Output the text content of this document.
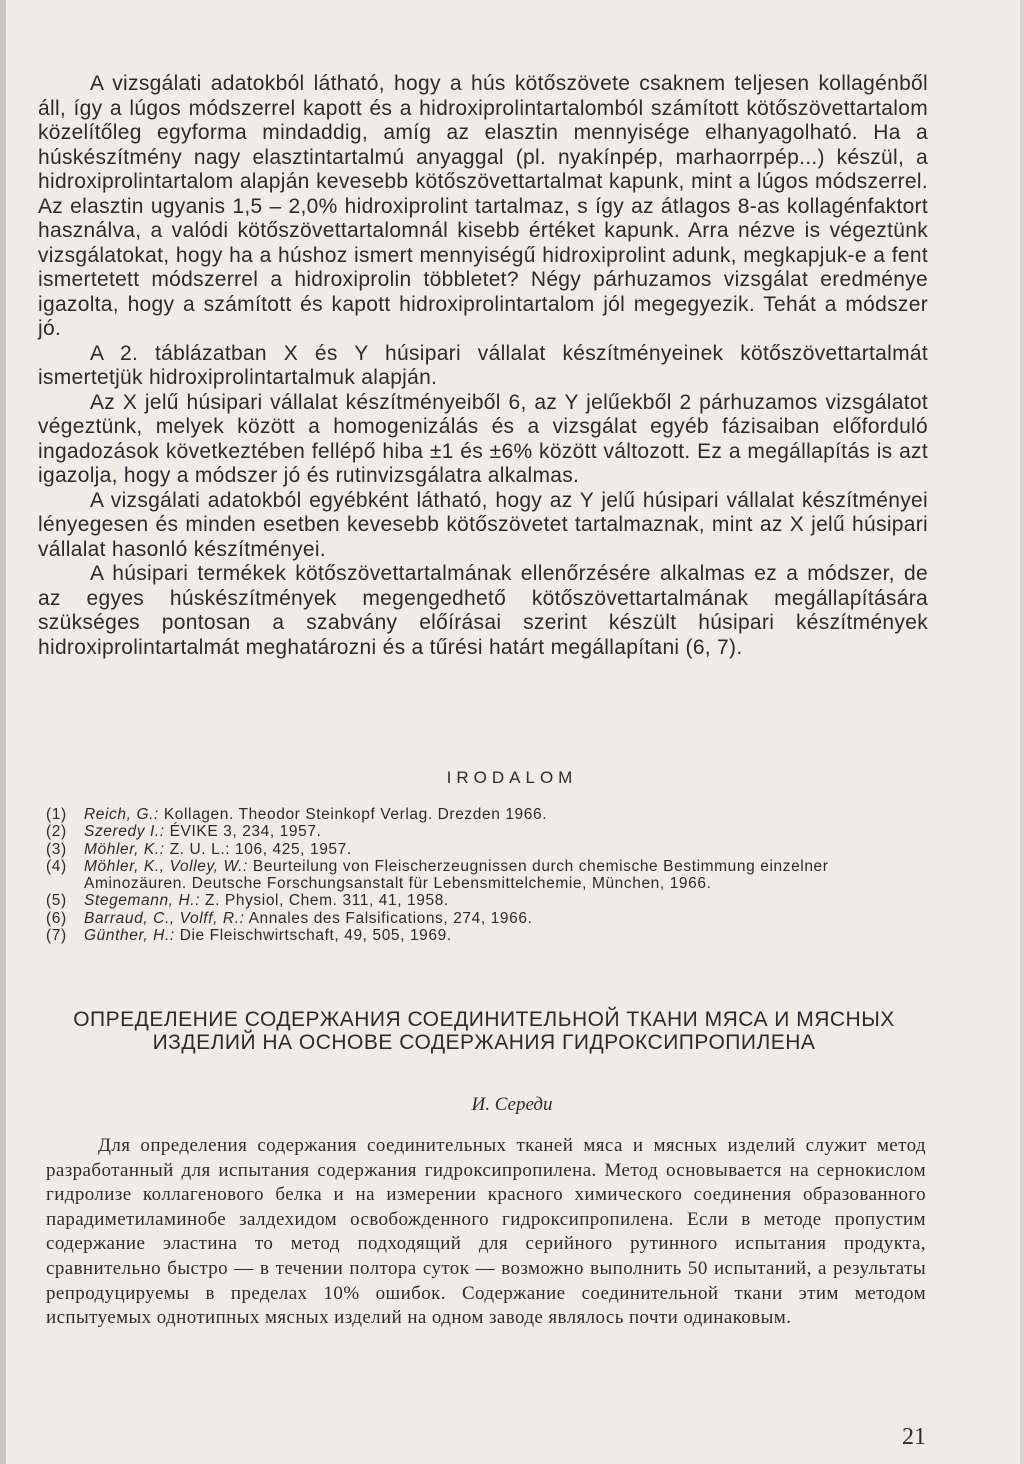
A vizsgálati adatokból látható, hogy a hús kötőszövete csaknem teljesen kollagénből áll, így a lúgos módszerrel kapott és a hidroxiprolintartalomból számított kötőszövettartalom közelítőleg egyforma mindaddig, amíg az elasztin mennyisége elhanyagolható. Ha a húskészítmény nagy elasztintartalmú anyaggal (pl. nyakínpép, marhaorrpép...) készül, a hidroxiprolintartalom alapján kevesebb kötőszövettartalmat kapunk, mint a lúgos módszerrel. Az elasztin ugyanis 1,5 – 2,0% hidroxiprolint tartalmaz, s így az átlagos 8-as kollagénfaktort használva, a valódi kötőszövettartalomnál kisebb értéket kapunk. Arra nézve is végeztünk vizsgálatokat, hogy ha a húshoz ismert mennyiségű hidroxiprolint adunk, megkapjuk-e a fent ismertetett módszerrel a hidroxiprolin többletet? Négy párhuzamos vizsgálat eredménye igazolta, hogy a számított és kapott hidroxiprolintartalom jól megegyezik. Tehát a módszer jó.

A 2. táblázatban X és Y húsipari vállalat készítményeinek kötőszövettartalmát ismertetjük hidroxiprolintartalmuk alapján.

Az X jelű húsipari vállalat készítményeiből 6, az Y jelűekből 2 párhuzamos vizsgálatot végeztünk, melyek között a homogenizálás és a vizsgálat egyéb fázisaiban előforduló ingadozások következtében fellépő hiba ±1 és ±6% között változott. Ez a megállapítás is azt igazolja, hogy a módszer jó és rutinvizsgálatra alkalmas.

A vizsgálati adatokból egyébként látható, hogy az Y jelű húsipari vállalat készítményei lényegesen és minden esetben kevesebb kötőszövetet tartalmaznak, mint az X jelű húsipari vállalat hasonló készítményei.

A húsipari termékek kötőszövettartalmának ellenőrzésére alkalmas ez a módszer, de az egyes húskészítmények megengedhető kötőszövettartalmának megállapítására szükséges pontosan a szabvány előírásai szerint készült húsipari készítmények hidroxiprolintartalmát meghatározni és a tűrési határt megállapítani (6, 7).

IRODALOM
(1)	Reich, G.: Kollagen. Theodor Steinkopf Verlag. Drezden 1966.
(2)	Szeredy I.: ÉVIKE 3, 234, 1957.
(3)	Möhler, K.: Z. U. L.: 106, 425, 1957.
(4)	Möhler, K., Volley, W.: Beurteilung von Fleischerzeugnissen durch chemische Bestimmung einzelner Aminozäuren. Deutsche Forschungsanstalt für Lebensmittelchemie, München, 1966.
(5)	Stegemann, H.: Z. Physiol, Chem. 311, 41, 1958.
(6)	Barraud, C., Volff, R.: Annales des Falsifications, 274, 1966.
(7)	Günther, H.: Die Fleischwirtschaft, 49, 505, 1969.
ОПРЕДЕЛЕНИЕ СОДЕРЖАНИЯ СОЕДИНИТЕЛЬНОЙ ТКАНИ МЯСА И МЯСНЫХ ИЗДЕЛИЙ НА ОСНОВЕ СОДЕРЖАНИЯ ГИДРОКСИПРОПИЛЕНА
И. Середи

Для определения содержания соединительных тканей мяса и мясных изделий служит метод разработанный для испытания содержания гидроксипропилена. Метод основывается на сернокислом гидролизе коллагенового белка и на измерении красного химического соединения образованного парадиметиламинобе залдехидом освобожденного гидроксипропилена. Если в методе пропустим содержание эластина то метод подходящий для серийного рутинного испытания продукта, сравнительно быстро — в течении полтора суток — возможно выполнить 50 испытаний, а результаты репродуцируемы в пределах 10% ошибок. Содержание соединительной ткани этим методом испытуемых однотипных мясных изделий на одном заводе являлось почти одинаковым.

21
